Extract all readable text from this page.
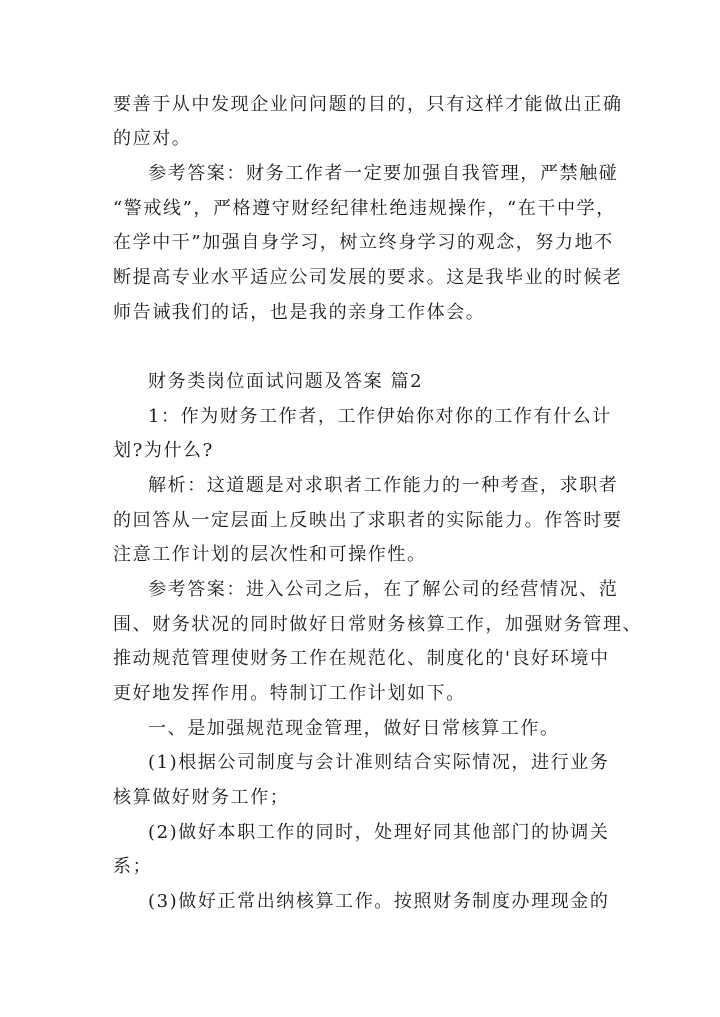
要善于从中发现企业问问题的目的，只有这样才能做出正确
的应对。
参考答案：财务工作者一定要加强自我管理，严禁触碰
“警戒线”，严格遵守财经纪律杜绝违规操作，“在干中学，
在学中干”加强自身学习，树立终身学习的观念，努力地不
断提高专业水平适应公司发展的要求。这是我毕业的时候老
师告诫我们的话，也是我的亲身工作体会。
财务类岗位面试问题及答案 篇2
1：作为财务工作者，工作伊始你对你的工作有什么计
划?为什么?
解析：这道题是对求职者工作能力的一种考查，求职者
的回答从一定层面上反映出了求职者的实际能力。作答时要
注意工作计划的层次性和可操作性。
参考答案：进入公司之后，在了解公司的经营情况、范
围、财务状况的同时做好日常财务核算工作，加强财务管理、
推动规范管理使财务工作在规范化、制度化的'良好环境中
更好地发挥作用。特制订工作计划如下。
一、是加强规范现金管理，做好日常核算工作。
(1)根据公司制度与会计准则结合实际情况，进行业务
核算做好财务工作；
(2)做好本职工作的同时，处理好同其他部门的协调关
系；
(3)做好正常出纳核算工作。按照财务制度办理现金的
